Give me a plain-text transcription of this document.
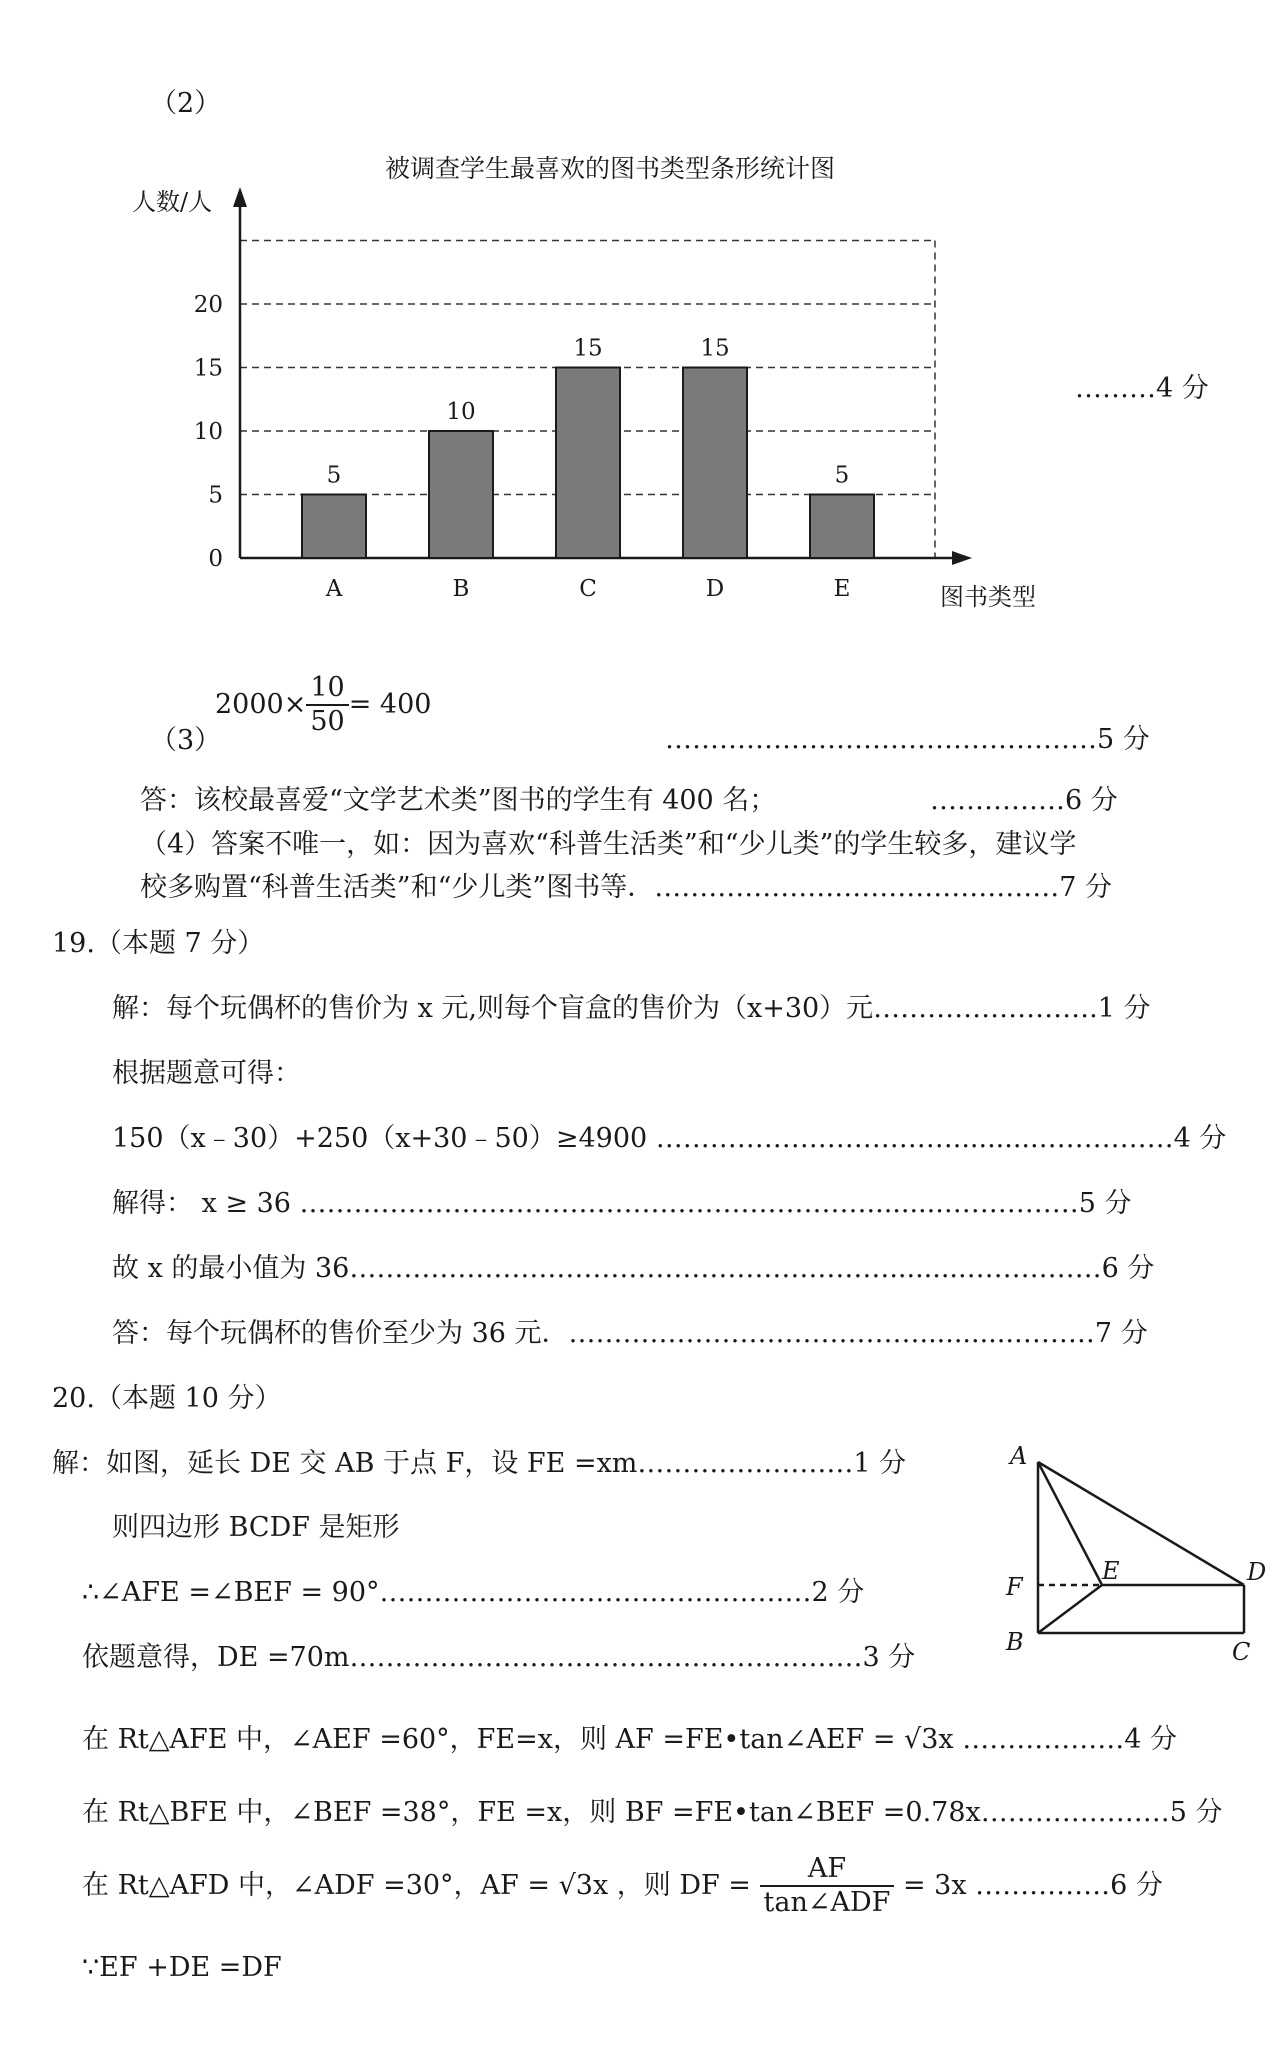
（2）
被调查学生最喜欢的图书类型条形统计图
人数/人
图书类型
0
5
10
15
20
5
A
10
B
15
C
15
D
5
E
………4 分
（3）
$2000\times \frac{10}{50} = 400$
…………………………………………5 分
答：该校最喜爱“文学艺术类”图书的学生有 400 名；	……………6 分
（4）答案不唯一，如：因为喜欢“科普生活类”和“少儿类”的学生较多，建议学
校多购置“科普生活类”和“少儿类”图书等．………………………………………7 分
19.（本题 7 分）
解：每个玩偶杯的售价为 x 元,则每个盲盒的售价为（x+30）元…………………….1 分
根据题意可得：
150（x﹣30）+250（x+30﹣50）≥4900 ……………………………..........……………4 分
解得： x ≥ 36 ……………………………………………………….........……………5 分
故 x 的最小值为 36…………………………………………………….........……………6 分
答：每个玩偶杯的售价至少为 36 元．…………………………………...........………7 分
20.（本题 10 分）
解：如图，延长 DE 交 AB 于点 F，设 FE =xm……………………1 分
则四边形 BCDF 是矩形
∴∠AFE =∠BEF = 90°…………………………………………2 分
依题意得，DE =70m…………………………………………………3 分
在 Rt△AFE 中，∠AEF =60°，FE=x，则 AF =FE•tan∠AEF = √3x ………………4 分
在 Rt△BFE 中，∠BEF =38°，FE =x，则 BF =FE•tan∠BEF =0.78x…………………5 分
在 Rt△AFD 中，∠ADF =30°，AF = √3x ，则 DF = $\frac{AF}{\text{tan∠ADF}} = 3x$ ……………6 分
∵EF +DE =DF
A
F
E
B	C
D
